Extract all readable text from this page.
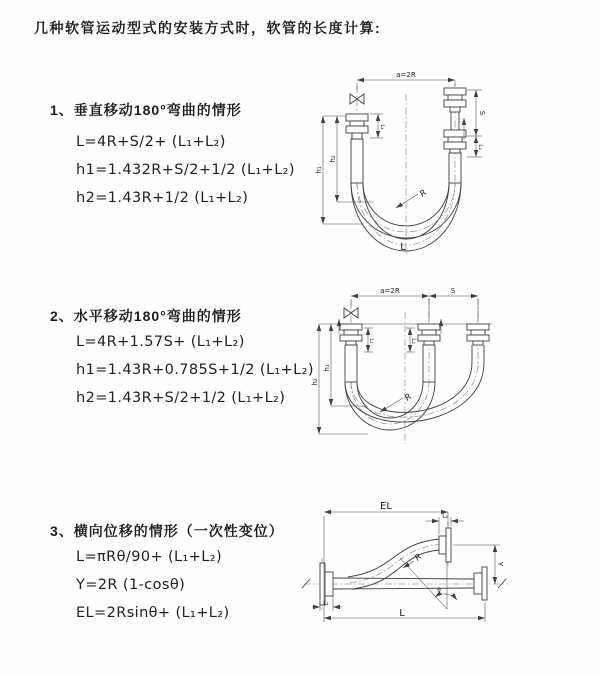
几种软管运动型式的安装方式时，软管的长度计算:
1、垂直移动180°弯曲的情形
L=4R+S/2+ (L₁+L₂)
h1=1.432R+S/2+1/2 (L₁+L₂)
h2=1.43R+1/2 (L₁+L₂)
2、水平移动180°弯曲的情形
L=4R+1.57S+ (L₁+L₂)
h1=1.43R+0.785S+1/2 (L₁+L₂)
h2=1.43R+S/2+1/2 (L₁+L₂)
3、横向位移的情形（一次性变位）
L=πRθ/90+ (L₁+L₂)
Y=2R (1-cosθ)
EL=2Rsinθ+ (L₁+L₂)
a=2R
S
L₂
h₁
h₂
L₁
R
L
a=2R	S
h₂
h₁
L₁	L₂
R
EL
L₂
Y
θ
R
L
L₁
